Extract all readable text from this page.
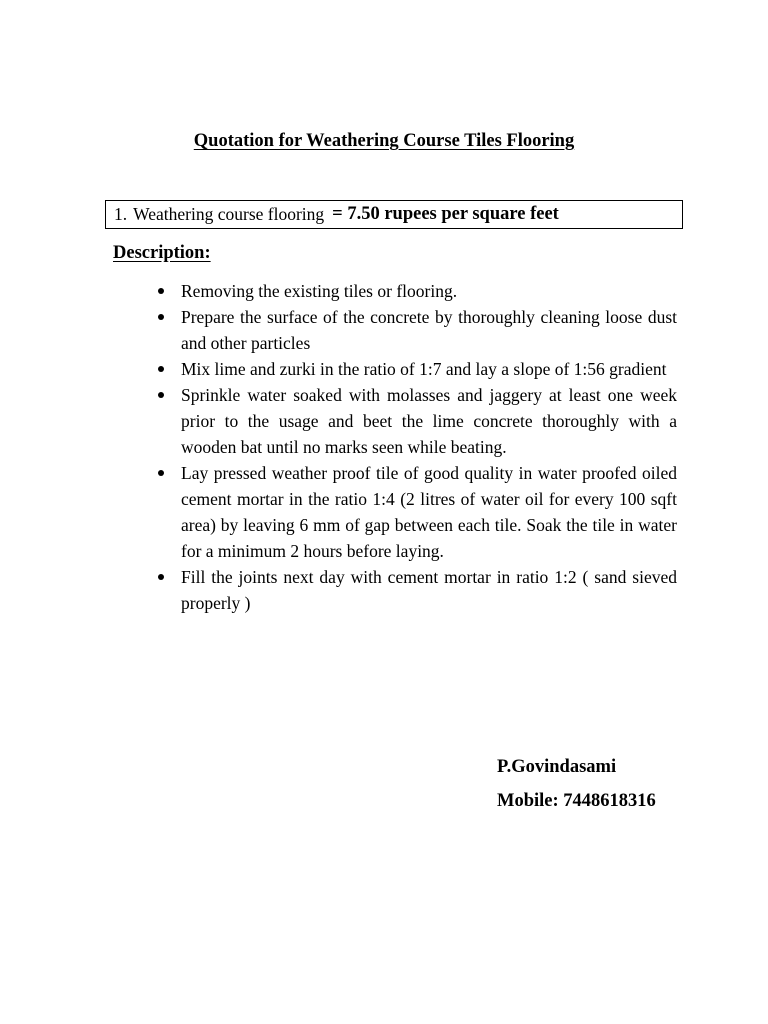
Quotation for Weathering Course Tiles Flooring
1. Weathering course flooring = 7.50 rupees per square feet
Description:
Removing the existing tiles or flooring.
Prepare the surface of the concrete by thoroughly cleaning loose dust and other particles
Mix lime and zurki in the ratio of 1:7 and lay a slope of 1:56 gradient
Sprinkle water soaked with molasses and jaggery at least one week prior to the usage and beet the lime concrete thoroughly with a wooden bat until no marks seen while beating.
Lay pressed weather proof tile of good quality in water proofed oiled cement mortar in the ratio 1:4 (2 litres of water oil for every 100 sqft area) by leaving 6 mm of gap between each tile. Soak the tile in water for a minimum 2 hours before laying.
Fill the joints next day with cement mortar in ratio 1:2 ( sand sieved properly )
P.Govindasami
Mobile: 7448618316
